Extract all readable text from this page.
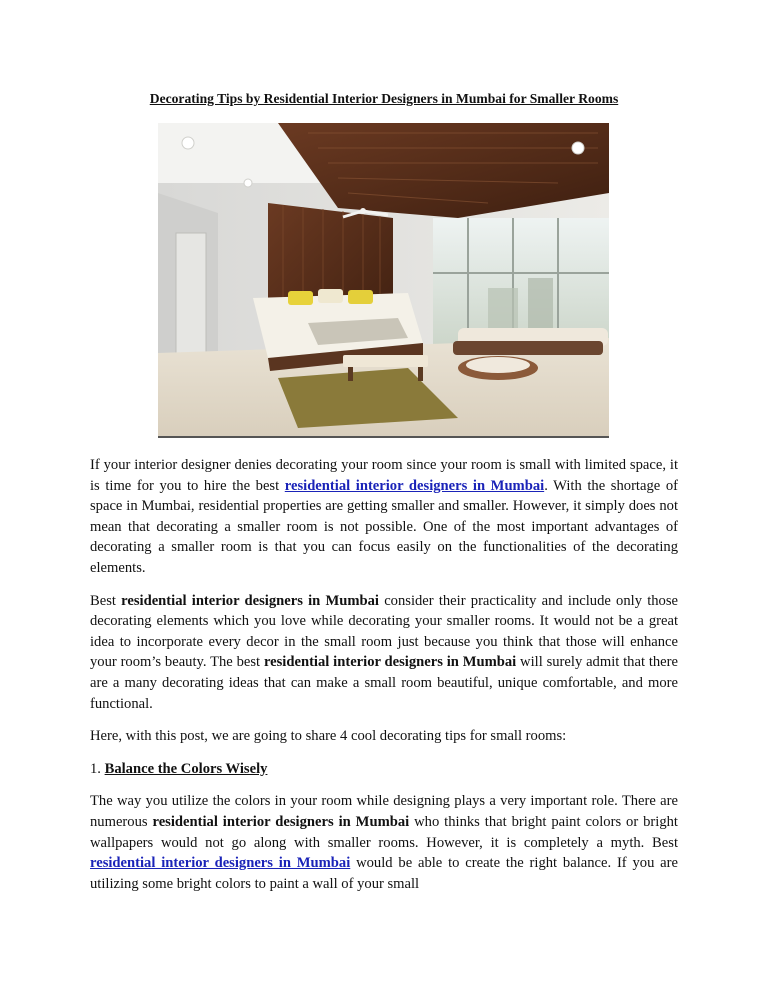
Decorating Tips by Residential Interior Designers in Mumbai for Smaller Rooms

If your interior designer denies decorating your room since your room is small with limited space, it is time for you to hire the best residential interior designers in Mumbai. With the shortage of space in Mumbai, residential properties are getting smaller and smaller. However, it simply does not mean that decorating a smaller room is not possible. One of the most important advantages of decorating a smaller room is that you can focus easily on the functionalities of the decorating elements.

Best residential interior designers in Mumbai consider their practicality and include only those decorating elements which you love while decorating your smaller rooms. It would not be a great idea to incorporate every decor in the small room just because you think that those will enhance your room’s beauty. The best residential interior designers in Mumbai will surely admit that there are a many decorating ideas that can make a small room beautiful, unique comfortable, and more functional.

Here, with this post, we are going to share 4 cool decorating tips for small rooms:

1. Balance the Colors Wisely

The way you utilize the colors in your room while designing plays a very important role. There are numerous residential interior designers in Mumbai who thinks that bright paint colors or bright wallpapers would not go along with smaller rooms. However, it is completely a myth. Best residential interior designers in Mumbai would be able to create the right balance. If you are utilizing some bright colors to paint a wall of your small
